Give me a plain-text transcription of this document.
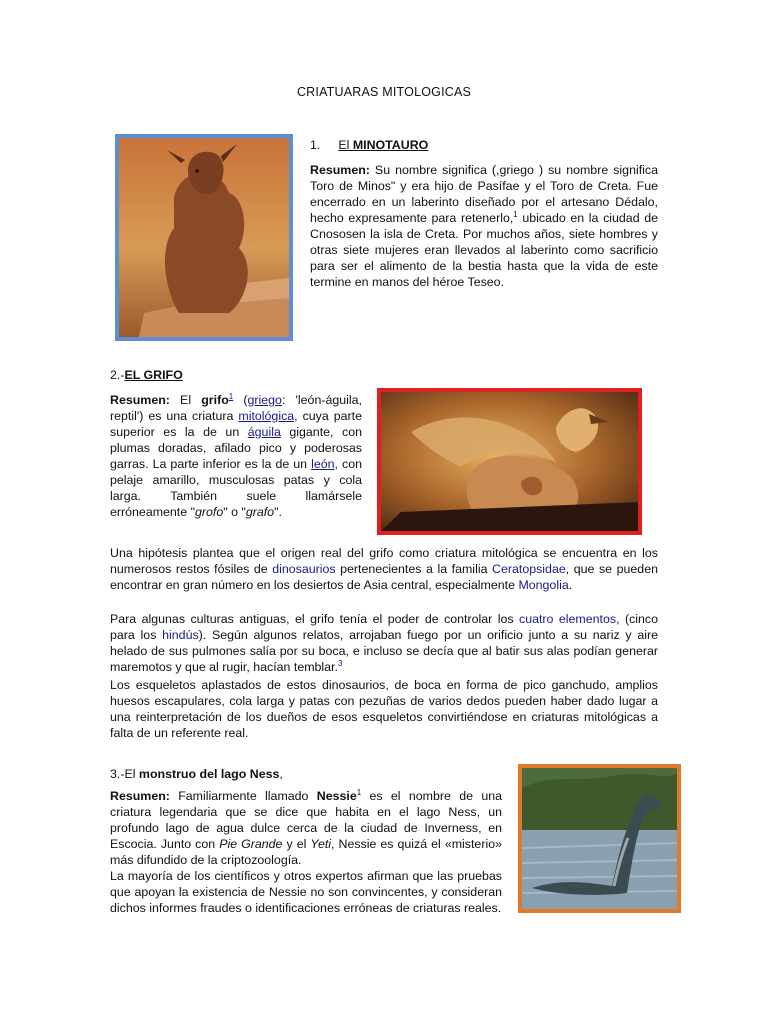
CRIATUARAS MITOLOGICAS
1. El MINOTAURO
Resumen: Su nombre significa (,griego ) su nombre significa Toro de Minos" y era hijo de Pasífae y el Toro de Creta. Fue encerrado en un laberinto diseñado por el artesano Dédalo, hecho expresamente para retenerlo,$^1$ ubicado en la ciudad de Cnososen la isla de Creta. Por muchos años, siete hombres y otras siete mujeres eran llevados al laberinto como sacrificio para ser el alimento de la bestia hasta que la vida de este termine en manos del héroe Teseo.
2.-EL GRIFO
Resumen: El grifo$^1$ (griego: 'león-águila, reptil') es una criatura mitológica, cuya parte superior es la de un águila gigante, con plumas doradas, afilado pico y poderosas garras. La parte inferior es la de un león, con pelaje amarillo, musculosas patas y cola larga. También suele llamársele erróneamente "grofo" o "grafo".
Una hipótesis plantea que el origen real del grifo como criatura mitológica se encuentra en los numerosos restos fósiles de dinosaurios pertenecientes a la familia Ceratopsidae, que se pueden encontrar en gran número en los desiertos de Asia central, especialmente Mongolia.
Para algunas culturas antiguas, el grifo tenía el poder de controlar los cuatro elementos, (cinco para los hindús). Según algunos relatos, arrojaban fuego por un orificio junto a su nariz y aire helado de sus pulmones salía por su boca, e incluso se decía que al batir sus alas podían generar maremotos y que al rugir, hacían temblar.$^3$
Los esqueletos aplastados de estos dinosaurios, de boca en forma de pico ganchudo, amplios huesos escapulares, cola larga y patas con pezuñas de varios dedos pueden haber dado lugar a una reinterpretación de los dueños de esos esqueletos convirtiéndose en criaturas mitológicas a falta de un referente real.
3.-El monstruo del lago Ness,
Resumen: Familiarmente llamado Nessie$^1$ es el nombre de una criatura legendaria que se dice que habita en el lago Ness, un profundo lago de agua dulce cerca de la ciudad de Inverness, en Escocia. Junto con Pie Grande y el Yeti, Nessie es quizá el «misterio» más difundido de la criptozoología.
La mayoría de los científicos y otros expertos afirman que las pruebas que apoyan la existencia de Nessie no son convincentes, y consideran dichos informes fraudes o identificaciones erróneas de criaturas reales.
